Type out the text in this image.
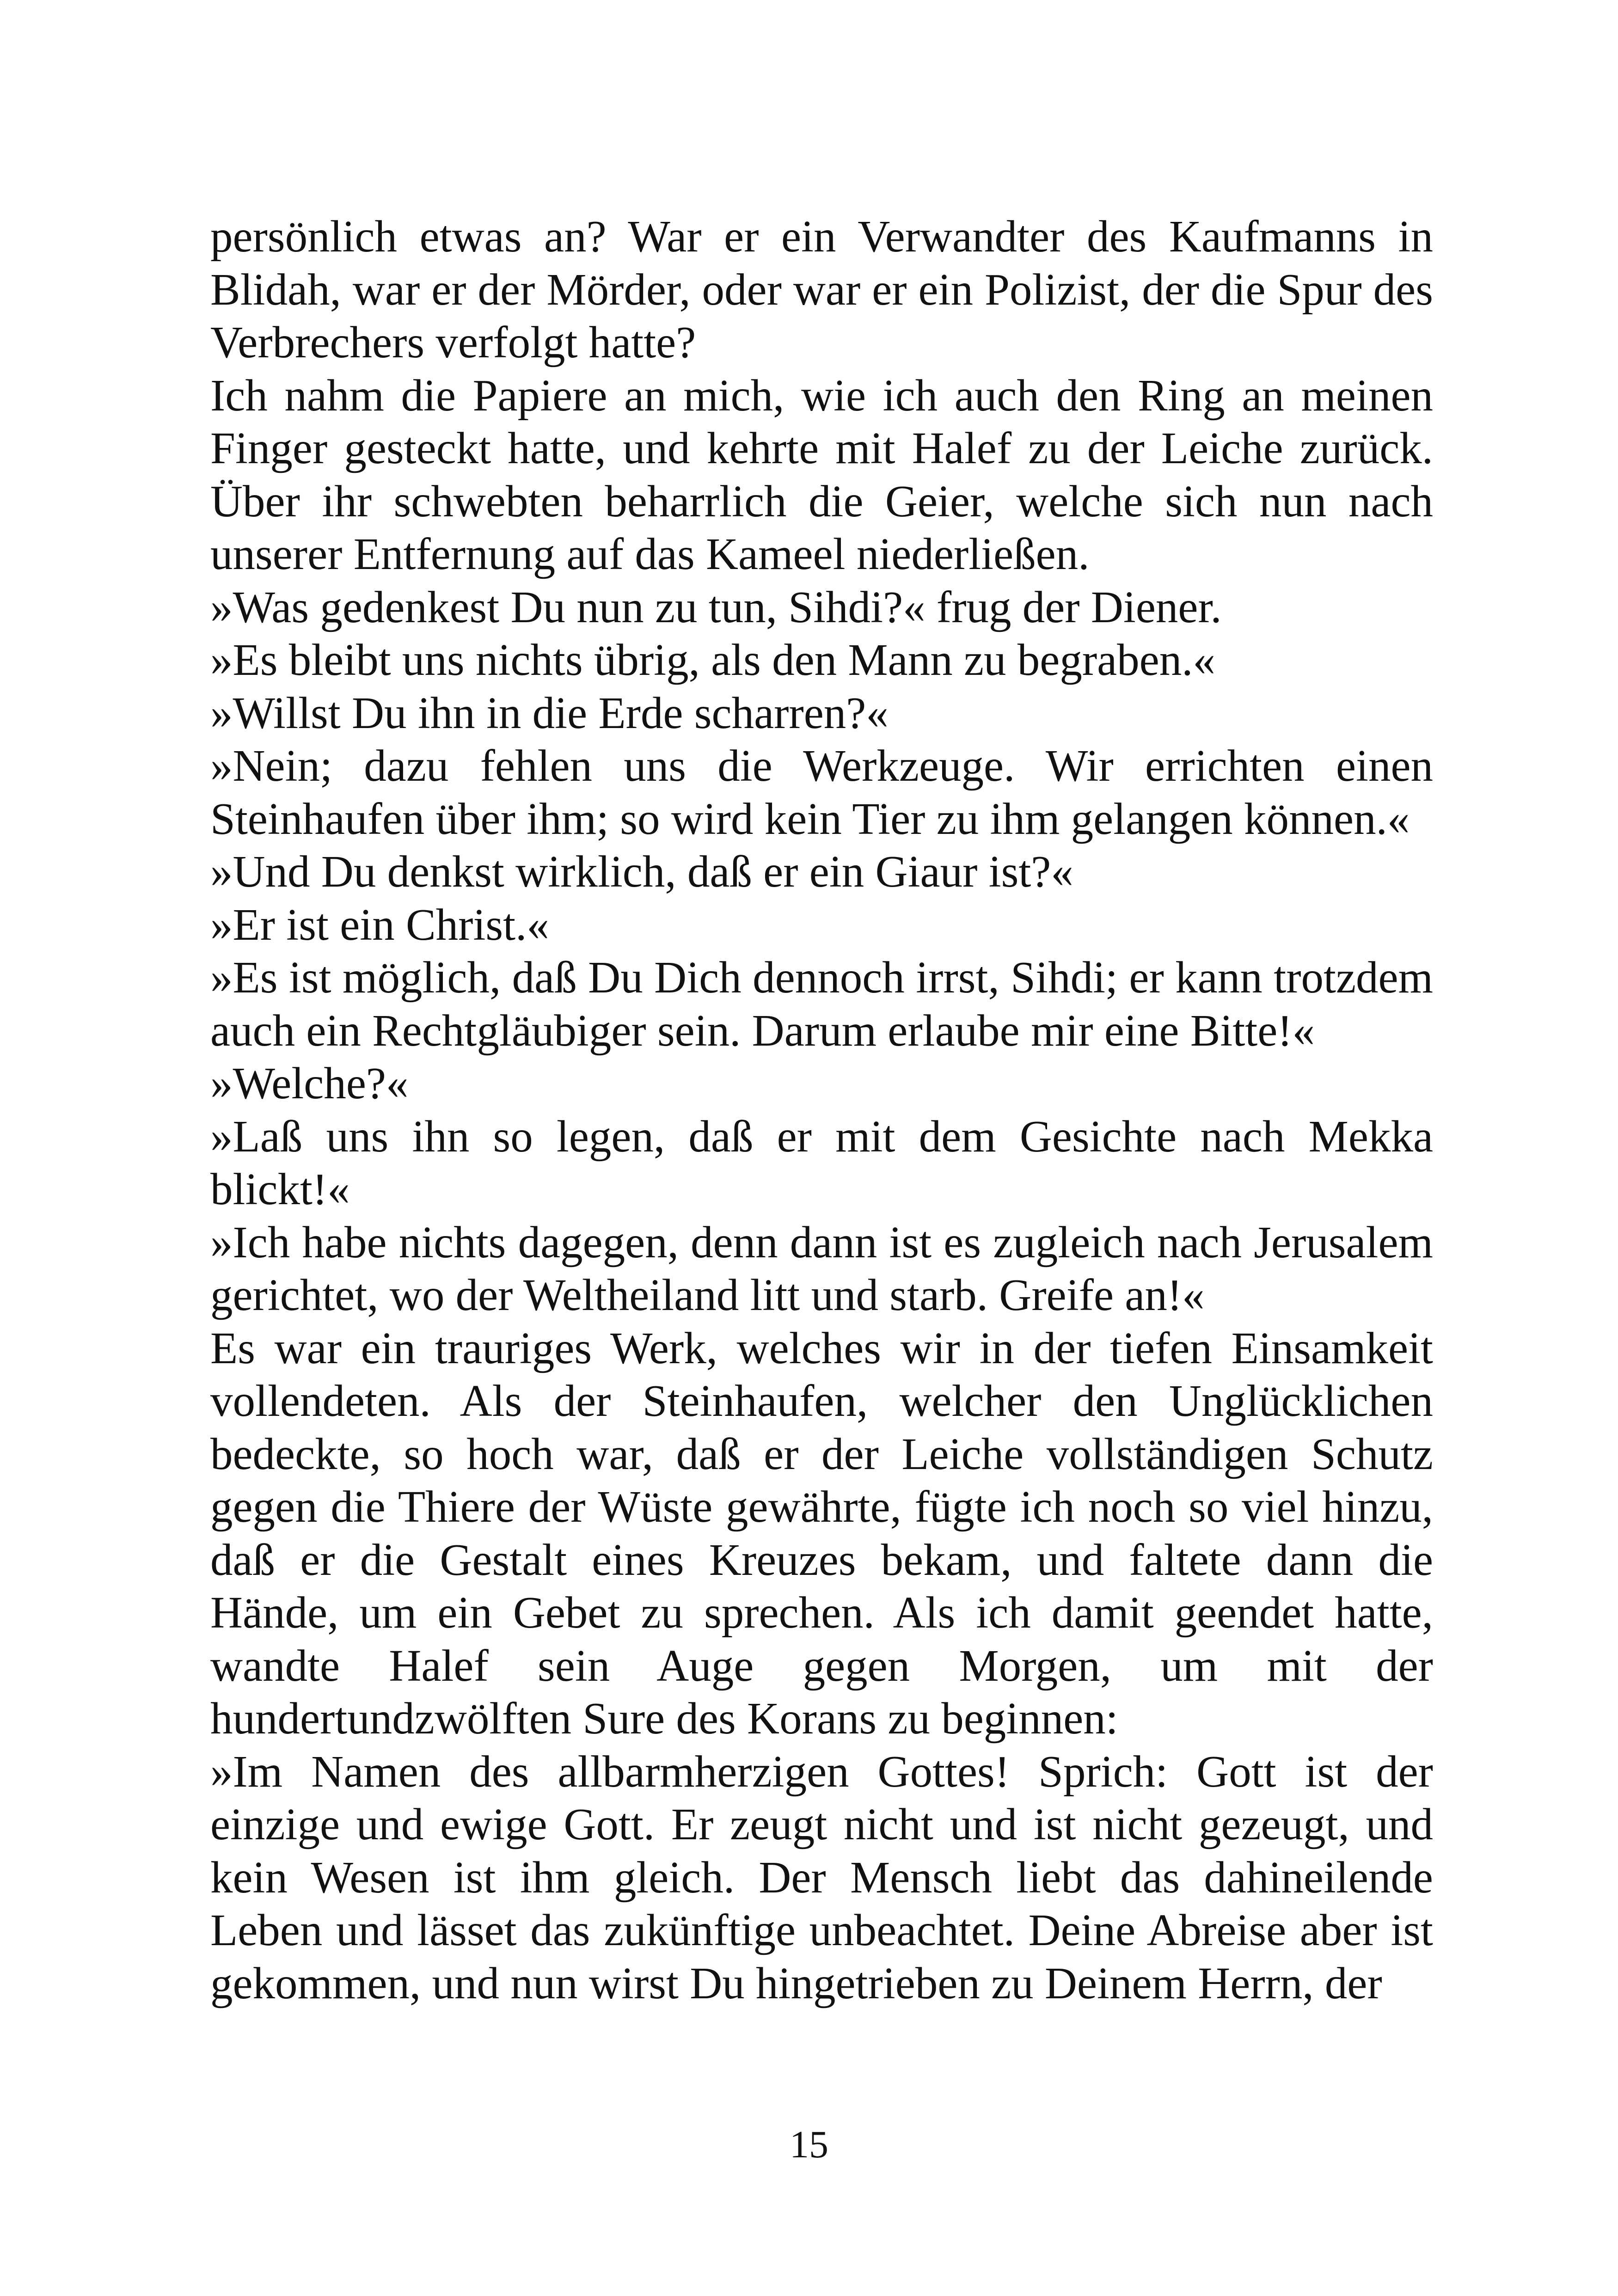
persönlich etwas an? War er ein Verwandter des Kaufmanns in Blidah, war er der Mörder, oder war er ein Polizist, der die Spur des Verbrechers verfolgt hatte?

Ich nahm die Papiere an mich, wie ich auch den Ring an meinen Finger gesteckt hatte, und kehrte mit Halef zu der Leiche zurück. Über ihr schwebten beharrlich die Geier, welche sich nun nach unserer Entfernung auf das Kameel niederließen.

»Was gedenkest Du nun zu tun, Sihdi?« frug der Diener.

»Es bleibt uns nichts übrig, als den Mann zu begraben.«

»Willst Du ihn in die Erde scharren?«

»Nein; dazu fehlen uns die Werkzeuge. Wir errichten einen Steinhaufen über ihm; so wird kein Tier zu ihm gelangen können.«

»Und Du denkst wirklich, daß er ein Giaur ist?«

»Er ist ein Christ.«

»Es ist möglich, daß Du Dich dennoch irrst, Sihdi; er kann trotzdem auch ein Rechtgläubiger sein. Darum erlaube mir eine Bitte!«

»Welche?«

»Laß uns ihn so legen, daß er mit dem Gesichte nach Mekka blickt!«

»Ich habe nichts dagegen, denn dann ist es zugleich nach Jerusalem gerichtet, wo der Weltheiland litt und starb. Greife an!«

Es war ein trauriges Werk, welches wir in der tiefen Einsamkeit vollendeten. Als der Steinhaufen, welcher den Unglücklichen bedeckte, so hoch war, daß er der Leiche vollständigen Schutz gegen die Thiere der Wüste gewährte, fügte ich noch so viel hinzu, daß er die Gestalt eines Kreuzes bekam, und faltete dann die Hände, um ein Gebet zu sprechen. Als ich damit geendet hatte, wandte Halef sein Auge gegen Morgen, um mit der hundertundzwölften Sure des Korans zu beginnen:

»Im Namen des allbarmherzigen Gottes! Sprich: Gott ist der einzige und ewige Gott. Er zeugt nicht und ist nicht gezeugt, und kein Wesen ist ihm gleich. Der Mensch liebt das dahineilende Leben und lässet das zukünftige unbeachtet. Deine Abreise aber ist gekommen, und nun wirst Du hingetrieben zu Deinem Herrn, der

15
